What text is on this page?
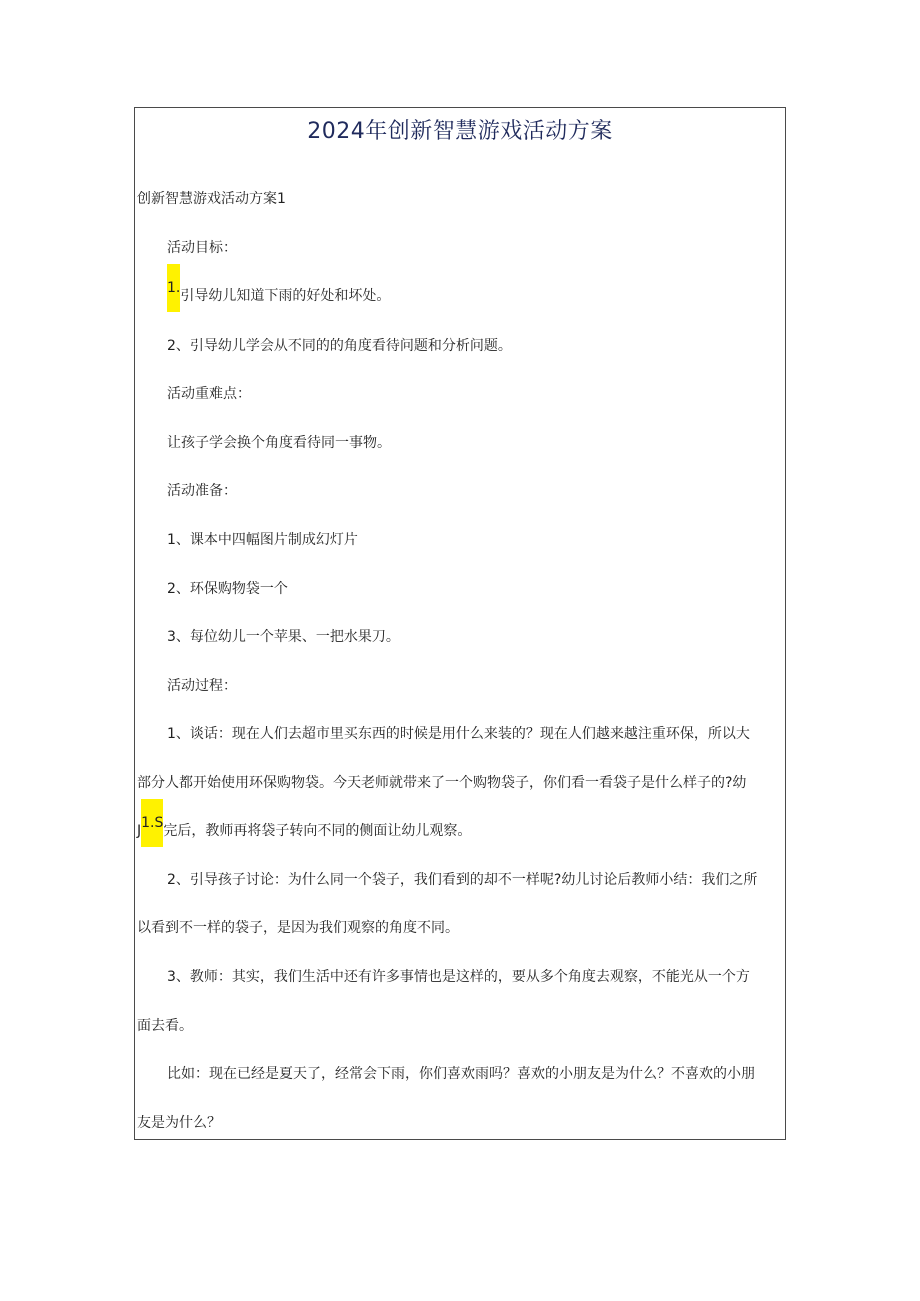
2024年创新智慧游戏活动方案
创新智慧游戏活动方案1
活动目标：
1.引导幼儿知道下雨的好处和坏处。
2、引导幼儿学会从不同的的角度看待问题和分析问题。
活动重难点：
让孩子学会换个角度看待同一事物。
活动准备：
1、课本中四幅图片制成幻灯片
2、环保购物袋一个
3、每位幼儿一个苹果、一把水果刀。
活动过程：
1、谈话：现在人们去超市里买东西的时候是用什么来装的？现在人们越来越注重环保，所以大
部分人都开始使用环保购物袋。今天老师就带来了一个购物袋子，你们看一看袋子是什么样子的?幼
J1.S完后，教师再将袋子转向不同的侧面让幼儿观察。
2、引导孩子讨论：为什么同一个袋子，我们看到的却不一样呢?幼儿讨论后教师小结：我们之所
以看到不一样的袋子，是因为我们观察的角度不同。
3、教师：其实，我们生活中还有许多事情也是这样的，要从多个角度去观察，不能光从一个方
面去看。
比如：现在已经是夏天了，经常会下雨，你们喜欢雨吗？喜欢的小朋友是为什么？不喜欢的小朋
友是为什么？
